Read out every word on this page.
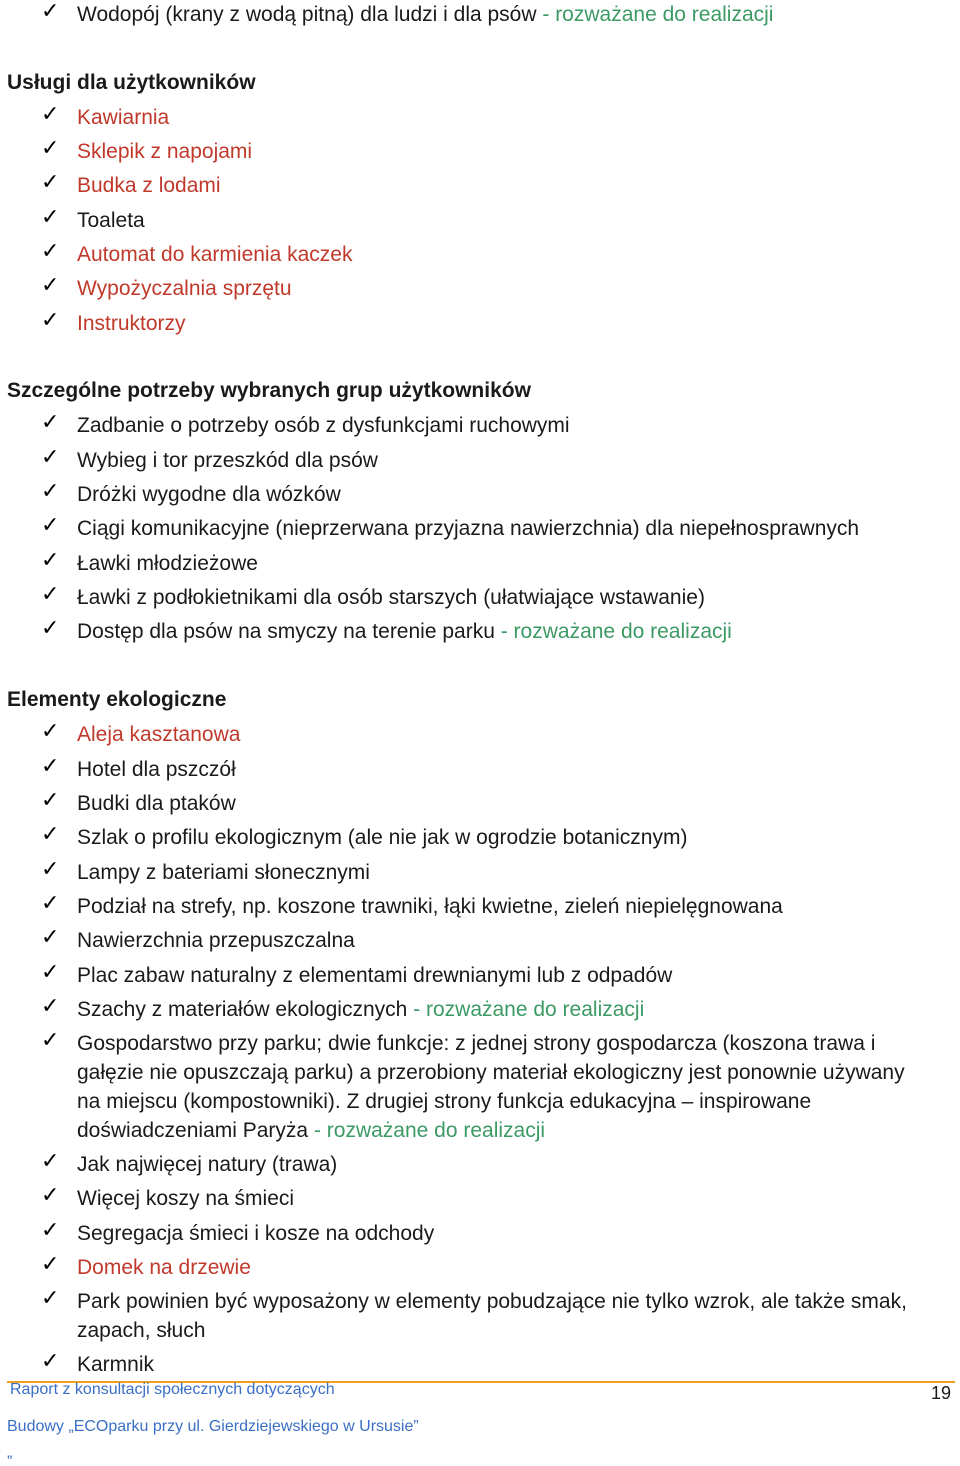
✓ Wodopój (krany z wodą pitną) dla ludzi i dla psów - rozważane do realizacji
Usługi dla użytkowników
✓ Kawiarnia
✓ Sklepik z napojami
✓ Budka z lodami
✓ Toaleta
✓ Automat do karmienia kaczek
✓ Wypożyczalnia sprzętu
✓ Instruktorzy
Szczególne potrzeby wybranych grup użytkowników
✓ Zadbanie o potrzeby osób z dysfunkcjami ruchowymi
✓ Wybieg i tor przeszkód dla psów
✓ Dróżki wygodne dla wózków
✓ Ciągi komunikacyjne (nieprzerwana przyjazna nawierzchnia) dla niepełnosprawnych
✓ Ławki młodzieżowe
✓ Ławki z podłokietnikami dla osób starszych (ułatwiające wstawanie)
✓ Dostęp dla psów na smyczy na terenie parku - rozważane do realizacji
Elementy ekologiczne
✓ Aleja kasztanowa
✓ Hotel dla pszczół
✓ Budki dla ptaków
✓ Szlak o profilu ekologicznym (ale nie jak w ogrodzie botanicznym)
✓ Lampy z bateriami słonecznymi
✓ Podział na strefy, np. koszone trawniki, łąki kwietne, zieleń niepielęgnowana
✓ Nawierzchnia przepuszczalna
✓ Plac zabaw naturalny z elementami drewnianymi lub z odpadów
✓ Szachy z materiałów ekologicznych - rozważane do realizacji
✓ Gospodarstwo przy parku; dwie funkcje: z jednej strony gospodarcza (koszona trawa i
gałęzie nie opuszczają parku) a przerobiony materiał ekologiczny jest ponownie używany
na miejscu (kompostowniki). Z drugiej strony funkcja edukacyjna – inspirowane
doświadczeniami Paryża - rozważane do realizacji
✓ Jak najwięcej natury (trawa)
✓ Więcej koszy na śmieci
✓ Segregacja śmieci i kosze na odchody
✓ Domek na drzewie
✓ Park powinien być wyposażony w elementy pobudzające nie tylko wzrok, ale także smak,
zapach, słuch
✓ Karmnik
Raport z konsultacji społecznych dotyczących	19
Budowy „ECOparku przy ul. Gierdziejewskiego w Ursusie”
„
